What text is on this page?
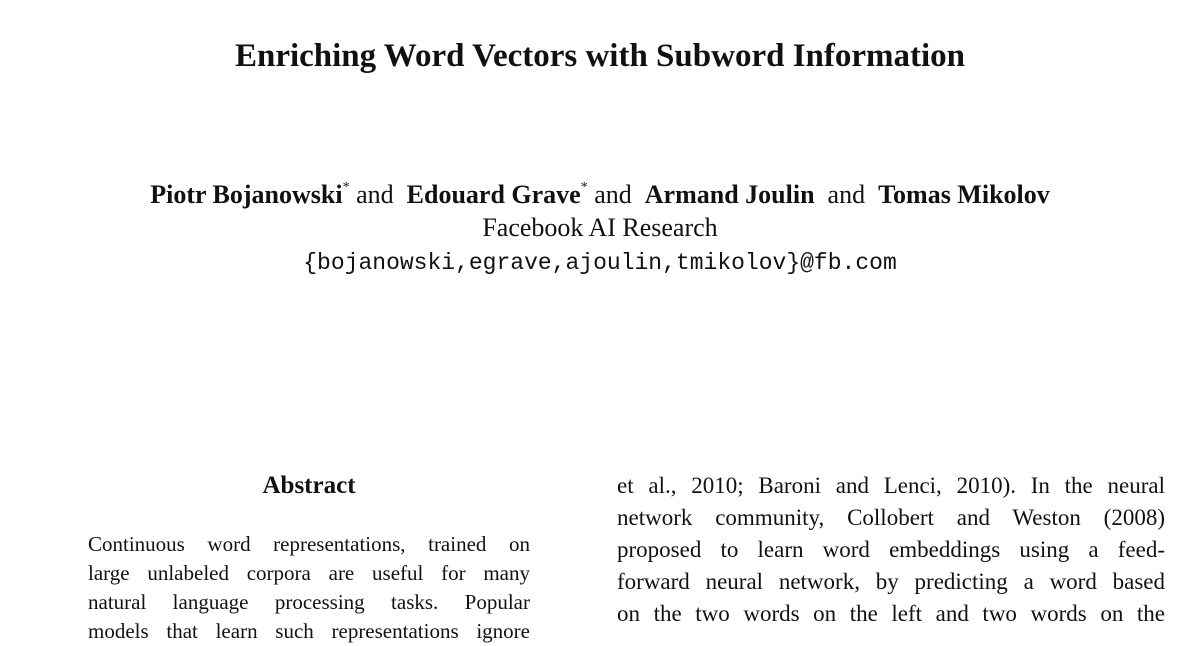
Enriching Word Vectors with Subword Information
Piotr Bojanowski* and Edouard Grave* and Armand Joulin and Tomas Mikolov
Facebook AI Research
{bojanowski,egrave,ajoulin,tmikolov}@fb.com
Abstract
Continuous word representations, trained on
large unlabeled corpora are useful for many
natural language processing tasks. Popular
models that learn such representations ignore
et al., 2010; Baroni and Lenci, 2010). In the neural
network community, Collobert and Weston (2008)
proposed to learn word embeddings using a feed-
forward neural network, by predicting a word based
on the two words on the left and two words on the
